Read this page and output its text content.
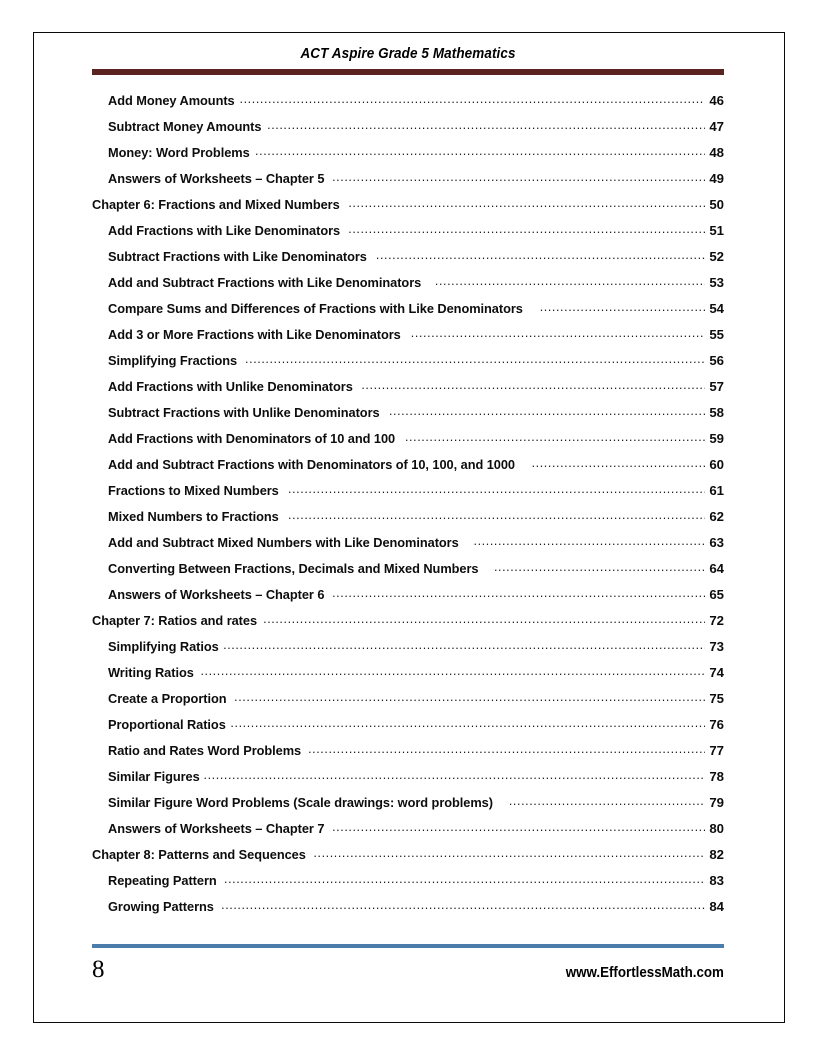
ACT Aspire Grade 5 Mathematics
Add Money Amounts .....	46
Subtract Money Amounts .....	47
Money: Word Problems .....	48
Answers of Worksheets – Chapter 5 .....	49
Chapter 6: Fractions and Mixed Numbers .....	50
Add Fractions with Like Denominators .....	51
Subtract Fractions with Like Denominators .....	52
Add and Subtract Fractions with Like Denominators .....	53
Compare Sums and Differences of Fractions with Like Denominators .....	54
Add 3 or More Fractions with Like Denominators .....	55
Simplifying Fractions .....	56
Add Fractions with Unlike Denominators .....	57
Subtract Fractions with Unlike Denominators .....	58
Add Fractions with Denominators of 10 and 100 .....	59
Add and Subtract Fractions with Denominators of 10, 100, and 1000 .....	60
Fractions to Mixed Numbers .....	61
Mixed Numbers to Fractions .....	62
Add and Subtract Mixed Numbers with Like Denominators .....	63
Converting Between Fractions, Decimals and Mixed Numbers .....	64
Answers of Worksheets – Chapter 6 .....	65
Chapter 7: Ratios and rates .....	72
Simplifying Ratios .....	73
Writing Ratios .....	74
Create a Proportion .....	75
Proportional Ratios .....	76
Ratio and Rates Word Problems .....	77
Similar Figures .....	78
Similar Figure Word Problems (Scale drawings: word problems) .....	79
Answers of Worksheets – Chapter 7 .....	80
Chapter 8: Patterns and Sequences .....	82
Repeating Pattern .....	83
Growing Patterns .....	84
8	www.EffortlessMath.com
